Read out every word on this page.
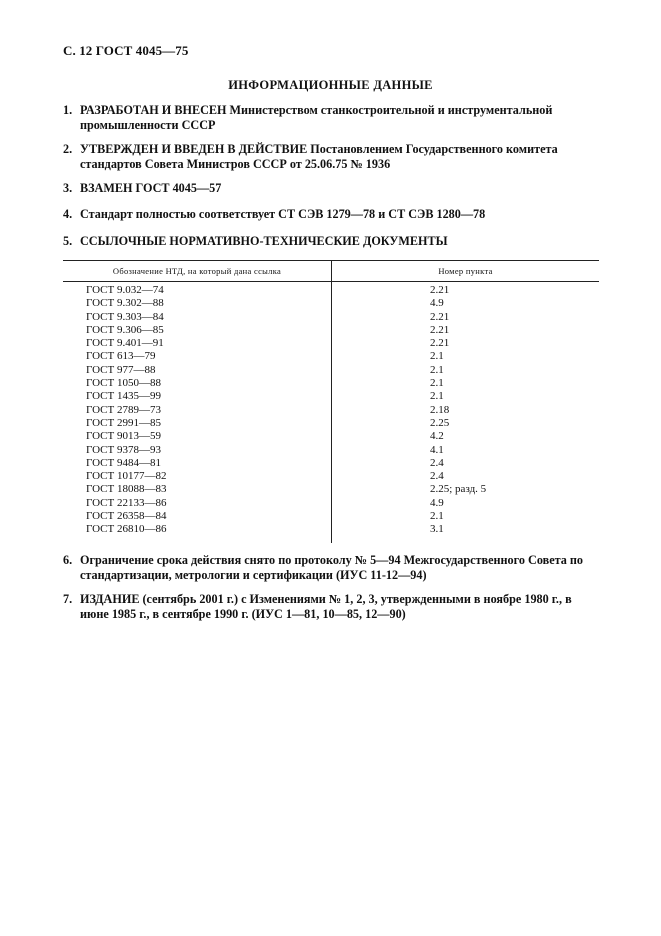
С. 12 ГОСТ 4045—75
ИНФОРМАЦИОННЫЕ ДАННЫЕ
1. РАЗРАБОТАН И ВНЕСЕН Министерством станкостроительной и инструментальной промышленности СССР
2. УТВЕРЖДЕН И ВВЕДЕН В ДЕЙСТВИЕ Постановлением Государственного комитета стандартов Совета Министров СССР от 25.06.75 № 1936
3. ВЗАМЕН ГОСТ 4045—57
4. Стандарт полностью соответствует СТ СЭВ 1279—78 и СТ СЭВ 1280—78
5. ССЫЛОЧНЫЕ НОРМАТИВНО-ТЕХНИЧЕСКИЕ ДОКУМЕНТЫ
Обозначение НТД, на который дана ссылка	Номер пункта
ГОСТ 9.032—74	2.21
ГОСТ 9.302—88	4.9
ГОСТ 9.303—84	2.21
ГОСТ 9.306—85	2.21
ГОСТ 9.401—91	2.21
ГОСТ 613—79	2.1
ГОСТ 977—88	2.1
ГОСТ 1050—88	2.1
ГОСТ 1435—99	2.1
ГОСТ 2789—73	2.18
ГОСТ 2991—85	2.25
ГОСТ 9013—59	4.2
ГОСТ 9378—93	4.1
ГОСТ 9484—81	2.4
ГОСТ 10177—82	2.4
ГОСТ 18088—83	2.25; разд. 5
ГОСТ 22133—86	4.9
ГОСТ 26358—84	2.1
ГОСТ 26810—86	3.1
6. Ограничение срока действия снято по протоколу № 5—94 Межгосударственного Совета по стандартизации, метрологии и сертификации (ИУС 11-12—94)
7. ИЗДАНИЕ (сентябрь 2001 г.) с Изменениями № 1, 2, 3, утвержденными в ноябре 1980 г., в июне 1985 г., в сентябре 1990 г. (ИУС 1—81, 10—85, 12—90)
